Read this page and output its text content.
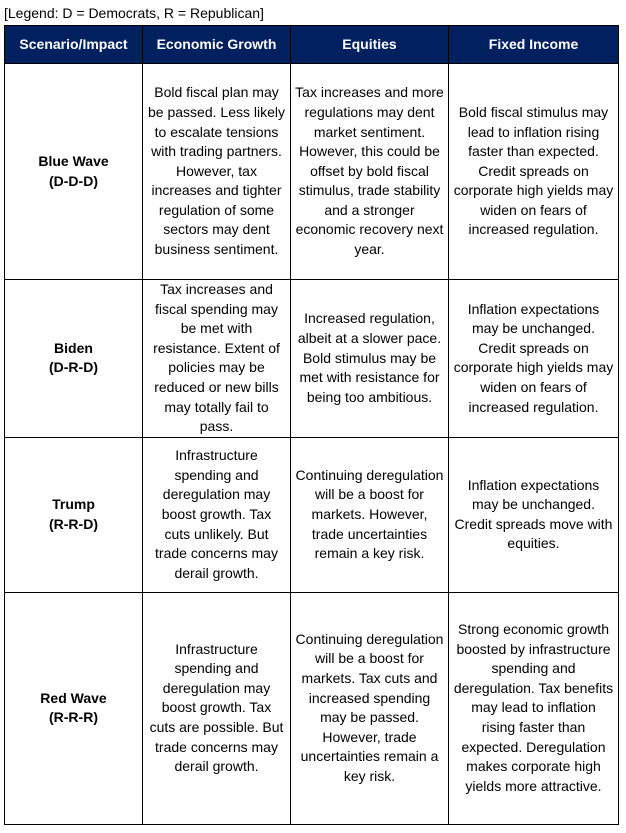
[Legend: D = Democrats, R = Republican]
Scenario/Impact	Economic Growth	Equities	Fixed Income

Blue Wave
(D-D-D)	Bold fiscal plan may be passed. Less likely to escalate tensions with trading partners. However, tax increases and tighter regulation of some sectors may dent business sentiment.	Tax increases and more regulations may dent market sentiment. However, this could be offset by bold fiscal stimulus, trade stability and a stronger economic recovery next year.	Bold fiscal stimulus may lead to inflation rising faster than expected. Credit spreads on corporate high yields may widen on fears of increased regulation.

Biden
(D-R-D)	Tax increases and fiscal spending may be met with resistance. Extent of policies may be reduced or new bills may totally fail to pass.	Increased regulation, albeit at a slower pace. Bold stimulus may be met with resistance for being too ambitious.	Inflation expectations may be unchanged. Credit spreads on corporate high yields may widen on fears of increased regulation.

Trump
(R-R-D)	Infrastructure spending and deregulation may boost growth. Tax cuts unlikely. But trade concerns may derail growth.	Continuing deregulation will be a boost for markets. However, trade uncertainties remain a key risk.	Inflation expectations may be unchanged. Credit spreads move with equities.

Red Wave
(R-R-R)	Infrastructure spending and deregulation may boost growth. Tax cuts are possible. But trade concerns may derail growth.	Continuing deregulation will be a boost for markets. Tax cuts and increased spending may be passed. However, trade uncertainties remain a key risk.	Strong economic growth boosted by infrastructure spending and deregulation. Tax benefits may lead to inflation rising faster than expected. Deregulation makes corporate high yields more attractive.
